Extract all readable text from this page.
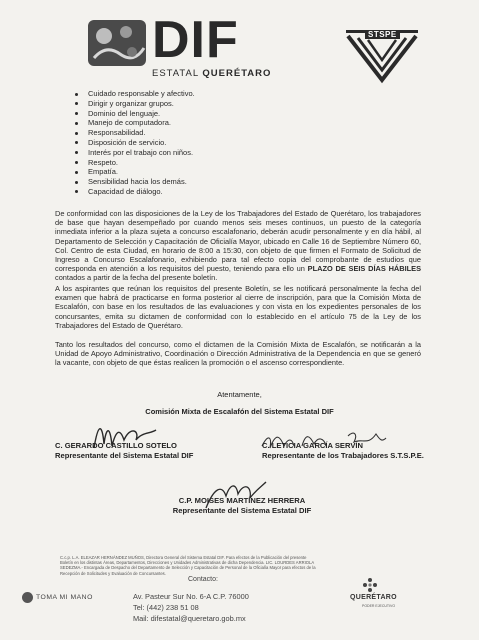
DIF
ESTATAL QUERÉTARO
STSPE
Cuidado responsable y afectivo.
Dirigir y organizar grupos.
Dominio del lenguaje.
Manejo de computadora.
Responsabilidad.
Disposición de servicio.
Interés por el trabajo con niños.
Respeto.
Empatía.
Sensibilidad hacia los demás.
Capacidad de diálogo.

De conformidad con las disposiciones de la Ley de los Trabajadores del Estado de Querétaro, los trabajadores de base que hayan desempeñado por cuando menos seis meses continuos, un puesto de la categoría inmediata inferior a la plaza sujeta a concurso escalafonario, deberán acudir personalmente y en día hábil, al Departamento de Selección y Capacitación de Oficialía Mayor, ubicado en Calle 16 de Septiembre Número 60, Col. Centro de esta Ciudad, en horario de 8:00 a 15:30, con objeto de que firmen el Formato de Solicitud de Ingreso a Concurso Escalafonario, exhibiendo para tal efecto copia del comprobante de estudios que corresponda en atención a los requisitos del puesto, teniendo para ello un PLAZO DE SEIS DÍAS HÁBILES contados a partir de la fecha del presente boletín.

A los aspirantes que reúnan los requisitos del presente Boletín, se les notificará personalmente la fecha del examen que habrá de practicarse en forma posterior al cierre de inscripción, para que la Comisión Mixta de Escalafón, con base en los resultados de las evaluaciones y con vista en los expedientes personales de los concursantes, emita su dictamen de conformidad con lo establecido en el artículo 75 de la Ley de los Trabajadores del Estado de Querétaro.

Tanto los resultados del concurso, como el dictamen de la Comisión Mixta de Escalafón, se notificarán a la Unidad de Apoyo Administrativo, Coordinación o Dirección Administrativa de la Dependencia en que se generó la vacante, con objeto de que éstas realicen la promoción o el ascenso correspondiente.

Atentamente,
Comisión Mixta de Escalafón del Sistema Estatal DIF
C. GERARDO CASTILLO SOTELO
Representante del Sistema Estatal DIF
C. LETICIA GARCÍA SERVÍN
Representante de los Trabajadores S.T.S.P.E.
C.P. MOISES MARTÍNEZ HERRERA
Representante del Sistema Estatal DIF
C.c.p. L.A. ELEAZAR HERNÁNDEZ MUÑOS, Directora General del Sistema Estatal DIF. Para efectos de la Publicación del presente Boletín en los distintas Áreas, Departamentos, Direcciones y Unidades Administrativas de dicha Dependencia. LIC. LOURDES ARRIOLA SEDEZMA.- Encargada de Despacho del Departamento de Selección y Capacitación de Personal de la Oficialía Mayor para efectos de la Recepción de Solicitudes y Evaluación de Concursantes.
TOMA MI MANO
Contacto:
Av. Pasteur Sur No. 6-A C.P. 76000
Tel: (442) 238 51 08
Mail: difestatal@queretaro.gob.mx
QUERÉTARO
PODER EJECUTIVO
